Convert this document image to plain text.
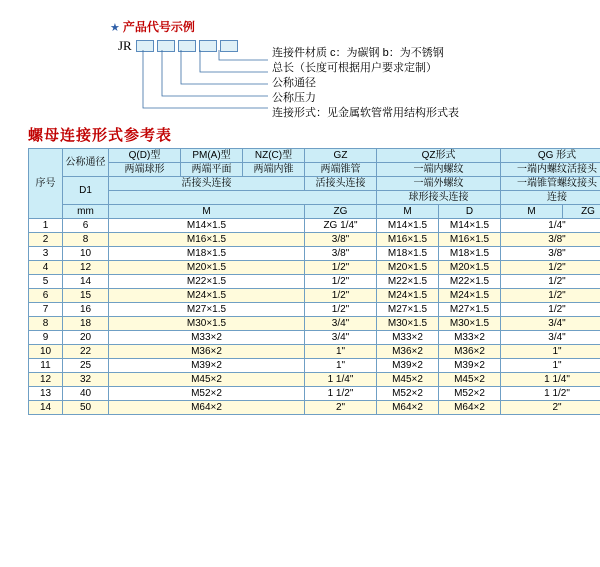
★ 产品代号示例
JR	连接件材质 c：为碳钢 b：为不锈钢
总长（长度可根据用户要求定制）
公称通径
公称压力
连接形式：见金属软管常用结构形式表
螺母连接形式参考表
序号	公称通径	Q(D)型	PM(A)型	NZ(C)型	GZ	QZ形式		QG 形式	
		两端球形	两端平面	两端内锥	两端锥管	一端内螺纹		一端内螺纹活接头	
	D1	活接头连接			活接头连接	一端外螺纹		一端锥管螺纹接头	
						球形接头连接		连接	
	mm	M			ZG	M	D	M	ZG
1	6	M14×1.5			ZG 1/4"	M14×1.5	M14×1.5	1/4"	
2	8	M16×1.5			3/8"	M16×1.5	M16×1.5	3/8"	
3	10	M18×1.5			3/8"	M18×1.5	M18×1.5	3/8"	
4	12	M20×1.5			1/2"	M20×1.5	M20×1.5	1/2"	
5	14	M22×1.5			1/2"	M22×1.5	M22×1.5	1/2"	
6	15	M24×1.5			1/2"	M24×1.5	M24×1.5	1/2"	
7	16	M27×1.5			1/2"	M27×1.5	M27×1.5	1/2"	
8	18	M30×1.5			3/4"	M30×1.5	M30×1.5	3/4"	
9	20	M33×2			3/4"	M33×2	M33×2	3/4"	
10	22	M36×2			1"	M36×2	M36×2	1"	
11	25	M39×2			1"	M39×2	M39×2	1"	
12	32	M45×2			1 1/4"	M45×2	M45×2	1 1/4"	
13	40	M52×2			1 1/2"	M52×2	M52×2	1 1/2"	
14	50	M64×2			2"	M64×2	M64×2	2"	
